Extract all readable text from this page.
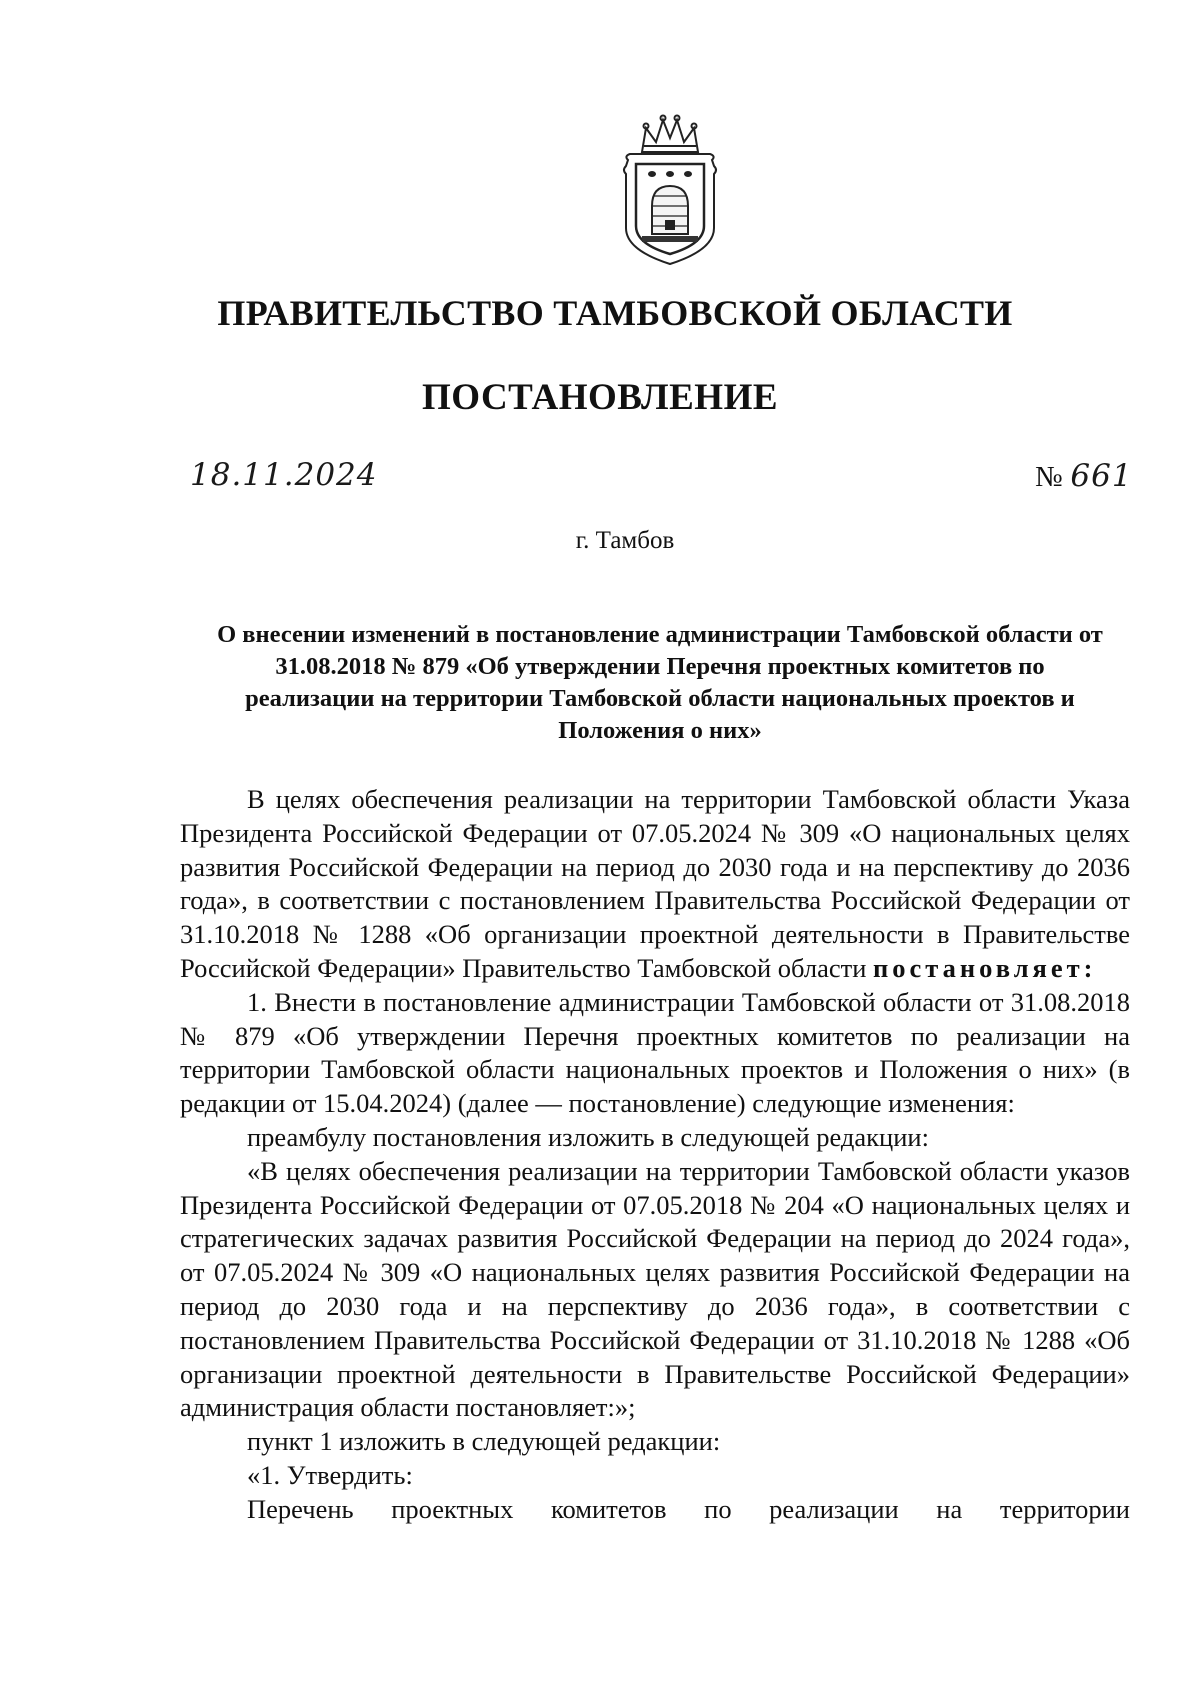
ПРАВИТЕЛЬСТВО ТАМБОВСКОЙ ОБЛАСТИ
ПОСТАНОВЛЕНИЕ
18.11.2024	№ 661
г. Тамбов
О внесении изменений в постановление администрации Тамбовской области от 31.08.2018 № 879 «Об утверждении Перечня проектных комитетов по реализации на территории Тамбовской области национальных проектов и Положения о них»

В целях обеспечения реализации на территории Тамбовской области Указа Президента Российской Федерации от 07.05.2024 № 309 «О национальных целях развития Российской Федерации на период до 2030 года и на перспективу до 2036 года», в соответствии с постановлением Правительства Российской Федерации от 31.10.2018 № 1288 «Об организации проектной деятельности в Правительстве Российской Федерации» Правительство Тамбовской области постановляет:

1. Внести в постановление администрации Тамбовской области от 31.08.2018 № 879 «Об утверждении Перечня проектных комитетов по реализации на территории Тамбовской области национальных проектов и Положения о них» (в редакции от 15.04.2024) (далее — постановление) следующие изменения:

преамбулу постановления изложить в следующей редакции:

«В целях обеспечения реализации на территории Тамбовской области указов Президента Российской Федерации от 07.05.2018 № 204 «О национальных целях и стратегических задачах развития Российской Федерации на период до 2024 года», от 07.05.2024 № 309 «О национальных целях развития Российской Федерации на период до 2030 года и на перспективу до 2036 года», в соответствии с постановлением Правительства Российской Федерации от 31.10.2018 № 1288 «Об организации проектной деятельности в Правительстве Российской Федерации» администрация области постановляет:»;

пункт 1 изложить в следующей редакции:

«1. Утвердить:

Перечень проектных комитетов по реализации на территории
